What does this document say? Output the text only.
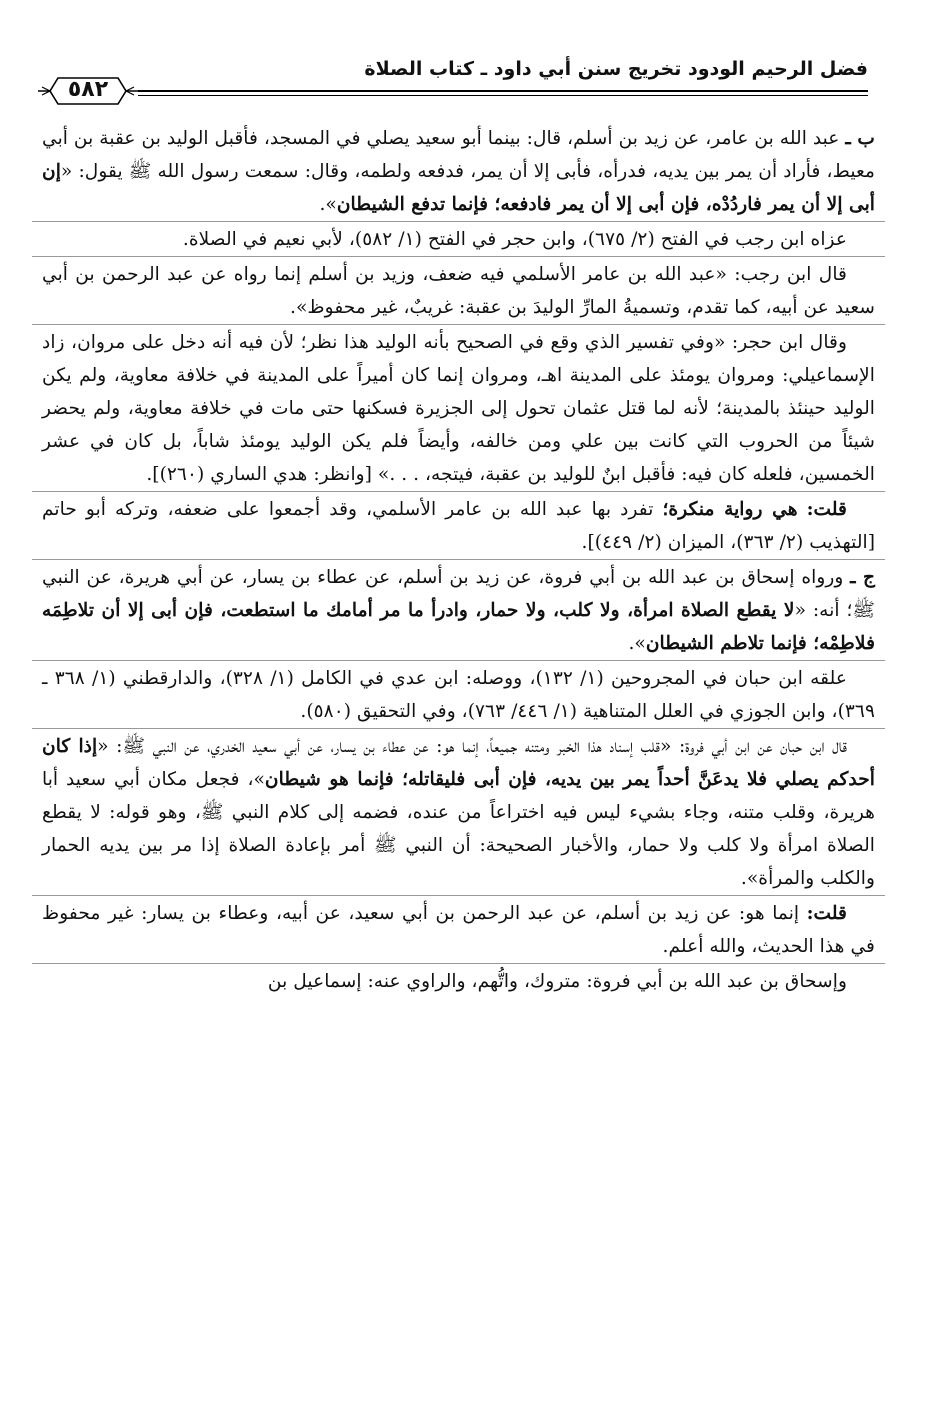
فضل الرحيم الودود تخريج سنن أبي داود ـ كتاب الصلاة
٥٨٢

ب ـ عبد الله بن عامر، عن زيد بن أسلم، قال: بينما أبو سعيد يصلي في المسجد، فأقبل الوليد بن عقبة بن أبي معيط، فأراد أن يمر بين يديه، فدرأه، فأبى إلا أن يمر، فدفعه ولطمه، وقال: سمعت رسول الله ﷺ يقول: «إن أبى إلا أن يمر فاردُدْه، فإن أبى إلا أن يمر فادفعه؛ فإنما تدفع الشيطان».

عزاه ابن رجب في الفتح (٢/ ٦٧٥)، وابن حجر في الفتح (١/ ٥٨٢)، لأبي نعيم في الصلاة.

قال ابن رجب: «عبد الله بن عامر الأسلمي فيه ضعف، وزيد بن أسلم إنما رواه عن عبد الرحمن بن أبي سعيد عن أبيه، كما تقدم، وتسميةُ المارِّ الوليدَ بن عقبة: غريبٌ، غير محفوظ».

وقال ابن حجر: «وفي تفسير الذي وقع في الصحيح بأنه الوليد هذا نظر؛ لأن فيه أنه دخل على مروان، زاد الإسماعيلي: ومروان يومئذ على المدينة اهـ، ومروان إنما كان أميراً على المدينة في خلافة معاوية، ولم يكن الوليد حينئذ بالمدينة؛ لأنه لما قتل عثمان تحول إلى الجزيرة فسكنها حتى مات في خلافة معاوية، ولم يحضر شيئاً من الحروب التي كانت بين علي ومن خالفه، وأيضاً فلم يكن الوليد يومئذ شاباً، بل كان في عشر الخمسين، فلعله كان فيه: فأقبل ابنٌ للوليد بن عقبة، فيتجه، . . .» [وانظر: هدي الساري (٢٦٠)].

قلت: هي رواية منكرة؛ تفرد بها عبد الله بن عامر الأسلمي، وقد أجمعوا على ضعفه، وتركه أبو حاتم [التهذيب (٢/ ٣٦٣)، الميزان (٢/ ٤٤٩)].

ج ـ ورواه إسحاق بن عبد الله بن أبي فروة، عن زيد بن أسلم، عن عطاء بن يسار، عن أبي هريرة، عن النبي ﷺ؛ أنه: «لا يقطع الصلاة امرأة، ولا كلب، ولا حمار، وادرأ ما مر أمامك ما استطعت، فإن أبى إلا أن تلاطِمَه فلاطِمْه؛ فإنما تلاطم الشيطان».

علقه ابن حبان في المجروحين (١/ ١٣٢)، ووصله: ابن عدي في الكامل (١/ ٣٢٨)، والدارقطني (١/ ٣٦٨ ـ ٣٦٩)، وابن الجوزي في العلل المتناهية (١/ ٤٤٦/ ٧٦٣)، وفي التحقيق (٥٨٠).

قال ابن حبان عن ابن أبي فروة: «قلب إسناد هذا الخبر ومتنه جميعاً، إنما هو: عن عطاء بن يسار، عن أبي سعيد الخدري، عن النبي ﷺ: «إذا كان أحدكم يصلي فلا يدعَنَّ أحداً يمر بين يديه، فإن أبى فليقاتله؛ فإنما هو شيطان»، فجعل مكان أبي سعيد أبا هريرة، وقلب متنه، وجاء بشيء ليس فيه اختراعاً من عنده، فضمه إلى كلام النبي ﷺ، وهو قوله: لا يقطع الصلاة امرأة ولا كلب ولا حمار، والأخبار الصحيحة: أن النبي ﷺ أمر بإعادة الصلاة إذا مر بين يديه الحمار والكلب والمرأة».

قلت: إنما هو: عن زيد بن أسلم، عن عبد الرحمن بن أبي سعيد، عن أبيه، وعطاء بن يسار: غير محفوظ في هذا الحديث، والله أعلم.

وإسحاق بن عبد الله بن أبي فروة: متروك، واتُّهم، والراوي عنه: إسماعيل بن
